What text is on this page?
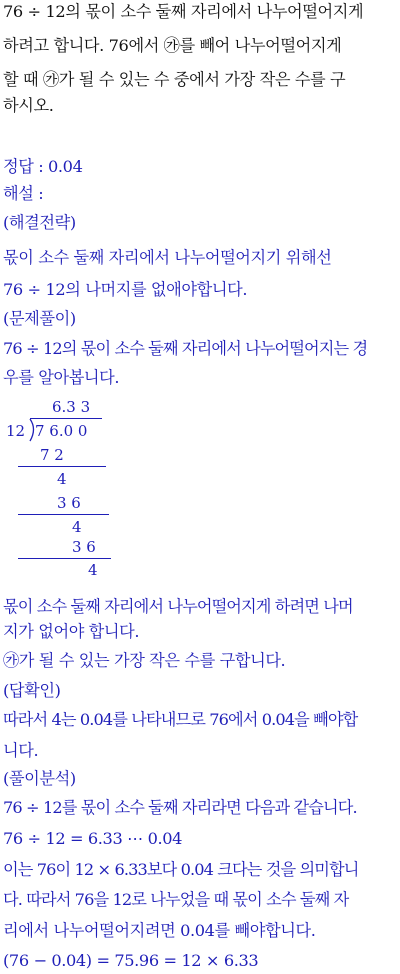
76 ÷ 12의 몫이 소수 둘째 자리에서 나누어떨어지게
하려고 합니다. 76에서 ㉮를 빼어 나누어떨어지게
할 때 ㉮가 될 수 있는 수 중에서 가장 작은 수를 구
하시오.
정답 : 0.04
해설 :
(해결전략)
몫이 소수 둘째 자리에서 나누어떨어지기 위해선
76 ÷ 12의 나머지를 없애야합니다.
(문제풀이)
76 ÷ 12의 몫이 소수 둘째 자리에서 나누어떨어지는 경
우를 알아봅니다.
6.3 3
12 7 6.0 0
7 2
4
3 6
4
3 6
4
몫이 소수 둘째 자리에서 나누어떨어지게 하려면 나머
지가 없어야 합니다.
㉮가 될 수 있는 가장 작은 수를 구합니다.
(답확인)
따라서 4는 0.04를 나타내므로 76에서 0.04을 빼야합
니다.
(풀이분석)
76 ÷ 12를 몫이 소수 둘째 자리라면 다음과 같습니다.
76 ÷ 12 = 6.33 ⋯ 0.04
이는 76이 12 × 6.33보다 0.04 크다는 것을 의미합니
다. 따라서 76을 12로 나누었을 때 몫이 소수 둘째 자
리에서 나누어떨어지려면 0.04를 빼야합니다.
(76 − 0.04) = 75.96 = 12 × 6.33
